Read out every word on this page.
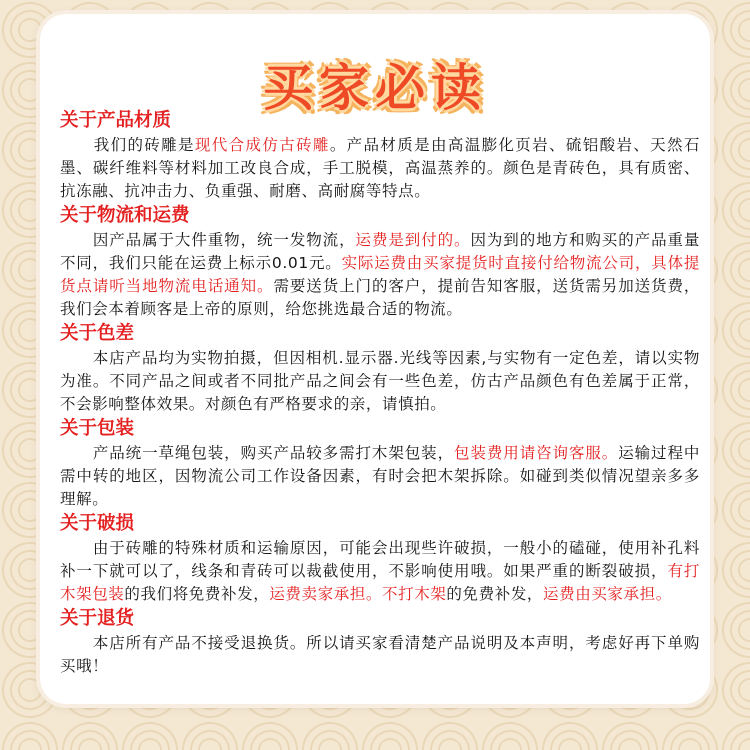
买家必读
关于产品材质

　　我们的砖雕是现代合成仿古砖雕。产品材质是由高温膨化页岩、硫铝酸岩、天然石墨、碳纤维料等材料加工改良合成，手工脱模，高温蒸养的。颜色是青砖色，具有质密、抗冻融、抗冲击力、负重强、耐磨、高耐腐等特点。

关于物流和运费

　　因产品属于大件重物，统一发物流，运费是到付的。因为到的地方和购买的产品重量不同，我们只能在运费上标示0.01元。实际运费由买家提货时直接付给物流公司，具体提货点请听当地物流电话通知。需要送货上门的客户，提前告知客服，送货需另加送货费，我们会本着顾客是上帝的原则，给您挑选最合适的物流。

关于色差

　　本店产品均为实物拍摄，但因相机.显示器.光线等因素,与实物有一定色差，请以实物为准。不同产品之间或者不同批产品之间会有一些色差，仿古产品颜色有色差属于正常，不会影响整体效果。对颜色有严格要求的亲，请慎拍。

关于包装

　　产品统一草绳包装，购买产品较多需打木架包装，包装费用请咨询客服。运输过程中需中转的地区，因物流公司工作设备因素，有时会把木架拆除。如碰到类似情况望亲多多理解。

关于破损

　　由于砖雕的特殊材质和运输原因，可能会出现些许破损，一般小的磕碰，使用补孔料补一下就可以了，线条和青砖可以裁截使用，不影响使用哦。如果严重的断裂破损，有打木架包装的我们将免费补发，运费卖家承担。不打木架的免费补发，运费由买家承担。

关于退货

　　本店所有产品不接受退换货。所以请买家看清楚产品说明及本声明，考虑好再下单购买哦！
